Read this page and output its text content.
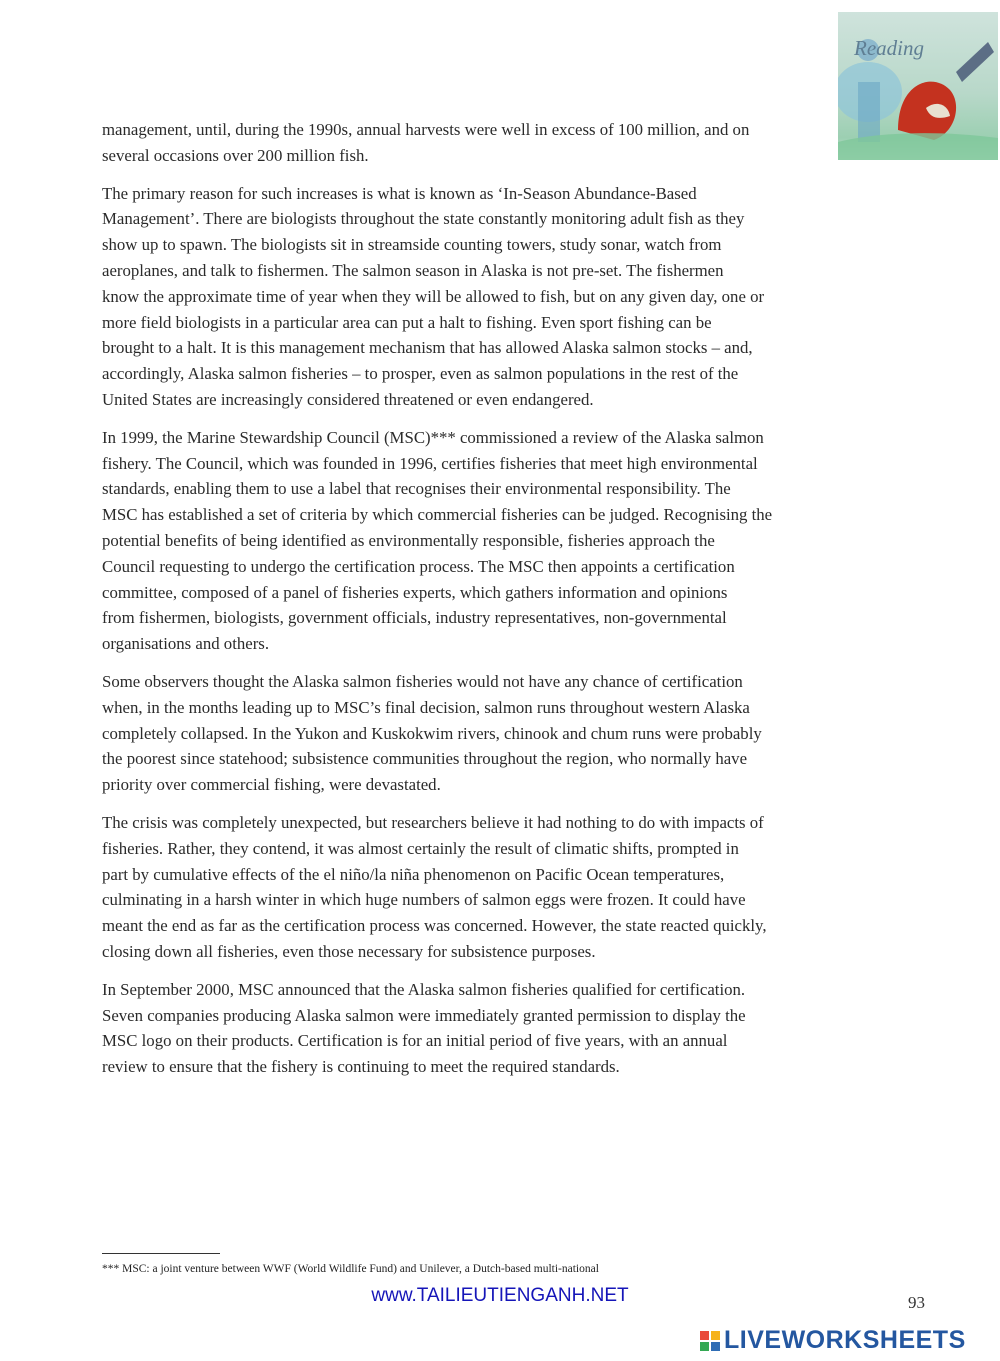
Reading

management, until, during the 1990s, annual harvests were well in excess of 100 million, and on
several occasions over 200 million fish.

The primary reason for such increases is what is known as ‘In-Season Abundance-Based
Management’. There are biologists throughout the state constantly monitoring adult fish as they
show up to spawn. The biologists sit in streamside counting towers, study sonar, watch from
aeroplanes, and talk to fishermen. The salmon season in Alaska is not pre-set. The fishermen
know the approximate time of year when they will be allowed to fish, but on any given day, one or
more field biologists in a particular area can put a halt to fishing. Even sport fishing can be
brought to a halt. It is this management mechanism that has allowed Alaska salmon stocks – and,
accordingly, Alaska salmon fisheries – to prosper, even as salmon populations in the rest of the
United States are increasingly considered threatened or even endangered.

In 1999, the Marine Stewardship Council (MSC)*** commissioned a review of the Alaska salmon
fishery. The Council, which was founded in 1996, certifies fisheries that meet high environmental
standards, enabling them to use a label that recognises their environmental responsibility. The
MSC has established a set of criteria by which commercial fisheries can be judged. Recognising the
potential benefits of being identified as environmentally responsible, fisheries approach the
Council requesting to undergo the certification process. The MSC then appoints a certification
committee, composed of a panel of fisheries experts, which gathers information and opinions
from fishermen, biologists, government officials, industry representatives, non-governmental
organisations and others.

Some observers thought the Alaska salmon fisheries would not have any chance of certification
when, in the months leading up to MSC’s final decision, salmon runs throughout western Alaska
completely collapsed. In the Yukon and Kuskokwim rivers, chinook and chum runs were probably
the poorest since statehood; subsistence communities throughout the region, who normally have
priority over commercial fishing, were devastated.

The crisis was completely unexpected, but researchers believe it had nothing to do with impacts of
fisheries. Rather, they contend, it was almost certainly the result of climatic shifts, prompted in
part by cumulative effects of the el niño/la niña phenomenon on Pacific Ocean temperatures,
culminating in a harsh winter in which huge numbers of salmon eggs were frozen. It could have
meant the end as far as the certification process was concerned. However, the state reacted quickly,
closing down all fisheries, even those necessary for subsistence purposes.

In September 2000, MSC announced that the Alaska salmon fisheries qualified for certification.
Seven companies producing Alaska salmon were immediately granted permission to display the
MSC logo on their products. Certification is for an initial period of five years, with an annual
review to ensure that the fishery is continuing to meet the required standards.

*** MSC: a joint venture between WWF (World Wildlife Fund) and Unilever, a Dutch-based multi-national
www.TAILIEUTIENGANH.NET	93
LIVEWORKSHEETS
